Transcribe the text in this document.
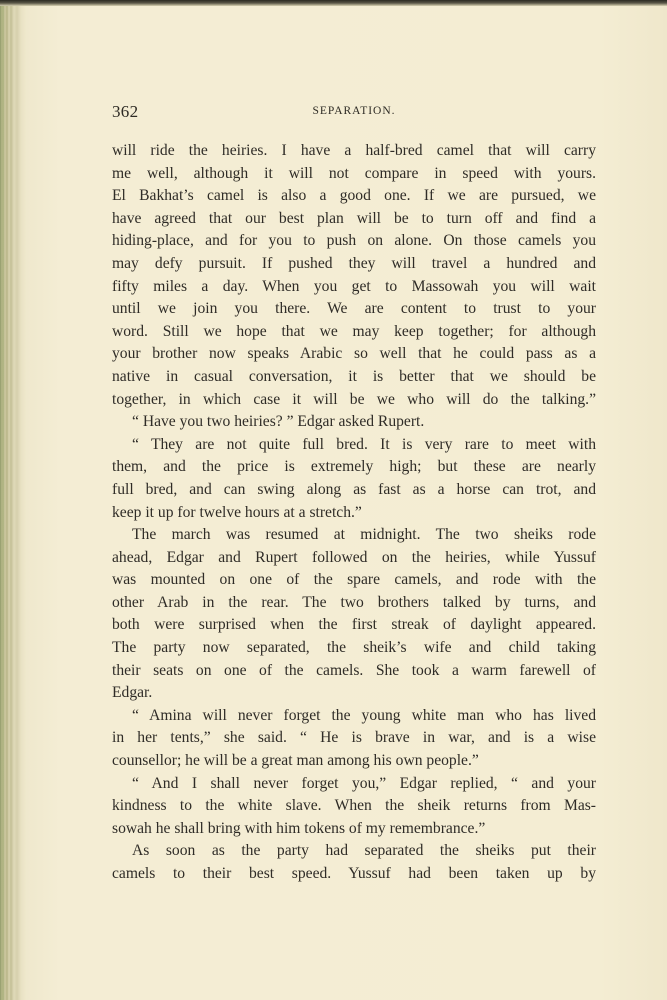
362	SEPARATION.
will ride the heiries. I have a half-bred camel that will carry
me well, although it will not compare in speed with yours.
El Bakhat’s camel is also a good one. If we are pursued, we
have agreed that our best plan will be to turn off and find a
hiding-place, and for you to push on alone. On those camels you
may defy pursuit. If pushed they will travel a hundred and
fifty miles a day. When you get to Massowah you will wait
until we join you there. We are content to trust to your
word. Still we hope that we may keep together; for although
your brother now speaks Arabic so well that he could pass as a
native in casual conversation, it is better that we should be
together, in which case it will be we who will do the talking.”
“ Have you two heiries? ” Edgar asked Rupert.
“ They are not quite full bred. It is very rare to meet with
them, and the price is extremely high; but these are nearly
full bred, and can swing along as fast as a horse can trot, and
keep it up for twelve hours at a stretch.”
The march was resumed at midnight. The two sheiks rode
ahead, Edgar and Rupert followed on the heiries, while Yussuf
was mounted on one of the spare camels, and rode with the
other Arab in the rear. The two brothers talked by turns, and
both were surprised when the first streak of daylight appeared.
The party now separated, the sheik’s wife and child taking
their seats on one of the camels. She took a warm farewell of
Edgar.
“ Amina will never forget the young white man who has lived
in her tents,” she said. “ He is brave in war, and is a wise
counsellor; he will be a great man among his own people.”
“ And I shall never forget you,” Edgar replied, “ and your
kindness to the white slave. When the sheik returns from Mas-
sowah he shall bring with him tokens of my remembrance.”
As soon as the party had separated the sheiks put their
camels to their best speed. Yussuf had been taken up by
